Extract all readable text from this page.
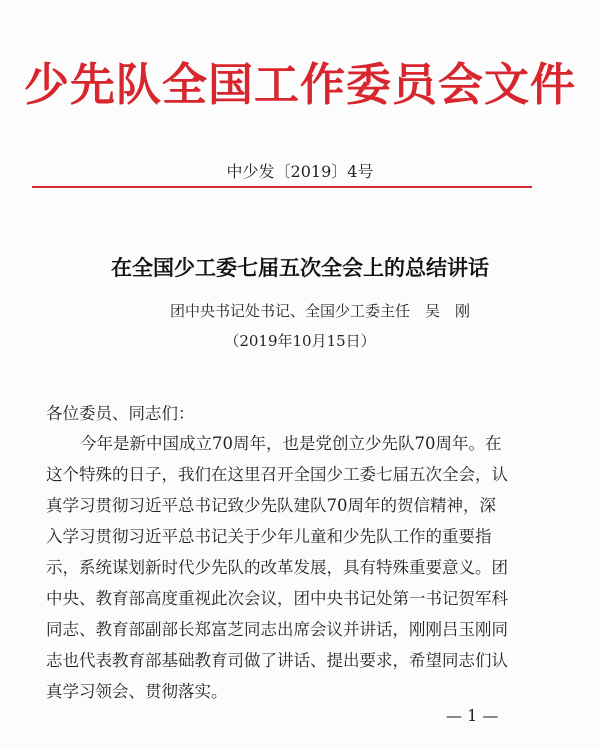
少先队全国工作委员会文件
中少发〔2019〕4号
在全国少工委七届五次全会上的总结讲话
团中央书记处书记、全国少工委主任　吴　刚
（2019年10月15日）
各位委员、同志们：
今年是新中国成立70周年，也是党创立少先队70周年。在
这个特殊的日子，我们在这里召开全国少工委七届五次全会，认
真学习贯彻习近平总书记致少先队建队70周年的贺信精神，深
入学习贯彻习近平总书记关于少年儿童和少先队工作的重要指
示，系统谋划新时代少先队的改革发展，具有特殊重要意义。团
中央、教育部高度重视此次会议，团中央书记处第一书记贺军科
同志、教育部副部长郑富芝同志出席会议并讲话，刚刚吕玉刚同
志也代表教育部基础教育司做了讲话、提出要求，希望同志们认
真学习领会、贯彻落实。
— 1 —
